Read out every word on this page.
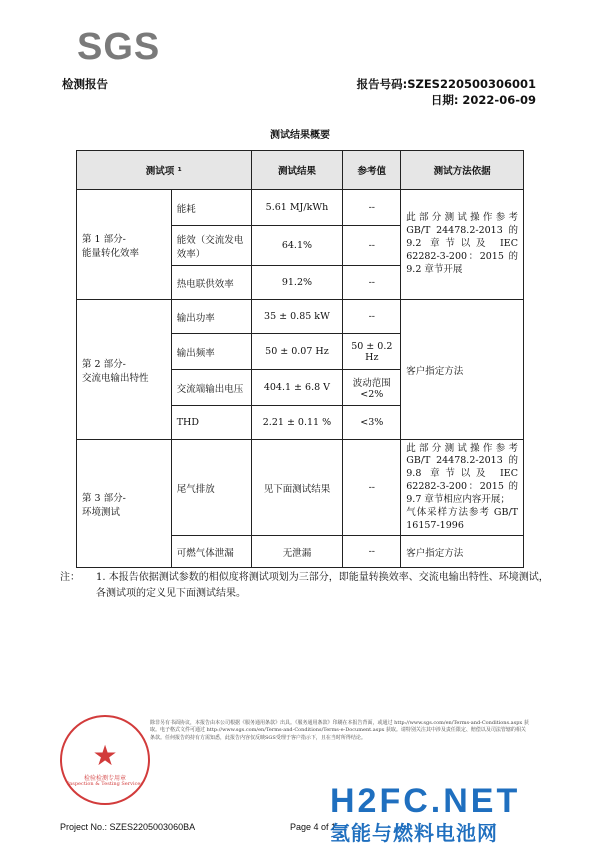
SGS
检测报告	报告号码:SZES220500306001
日期: 2022-06-09
测试结果概要
测试项 ¹		测试结果	参考值	测试方法依据
第 1 部分-
能量转化效率	能耗	5.61 MJ/kWh	--	此部分测试操作参考 GB/T 24478.2-2013 的 9.2 章节以及 IEC 62282-3-200：2015 的 9.2 章节开展
	能效（交流发电效率）	64.1%	--	
	热电联供效率	91.2%	--	
第 2 部分-
交流电输出特性	输出功率	35 ± 0.85 kW	--	客户指定方法
	输出频率	50 ± 0.07 Hz	50 ± 0.2 Hz	
	交流端输出电压	404.1 ± 6.8 V	波动范围 <2%	
	THD	2.21 ± 0.11 %	<3%	
第 3 部分-
环境测试	尾气排放	见下面测试结果	--	此部分测试操作参考 GB/T 24478.2-2013 的 9.8 章节以及 IEC 62282-3-200：2015 的 9.7 章节相应内容开展；
气体采样方法参考 GB/T 16157-1996
	可燃气体泄漏	无泄漏	--	客户指定方法
注： 1. 本报告依据测试参数的相似度将测试项划为三部分，即能量转换效率、交流电输出特性、环境测试，各测试项的定义见下面测试结果。
★
检验检测专用章
Inspection & Testing Services
除非另有书面协议，本报告由本公司根据《服务通用条款》出具。《服务通用条款》印刷在本报告背面，或通过 http://www.sgs.com/en/Terms-and-Conditions.aspx 获取。电子格式文件可通过 http://www.sgs.com/en/Terms-and-Conditions/Terms-e-Document.aspx 获取。请特别关注其中涉及责任限定、赔偿以及司法管辖的相关条款。任何报告的持有方需知悉，此报告内容仅反映SGS受理于客户指示下，且在当时所得结论。
Project No.: SZES2205003060BA	Page 4 of 1
H2FC.NET
氢能与燃料电池网
